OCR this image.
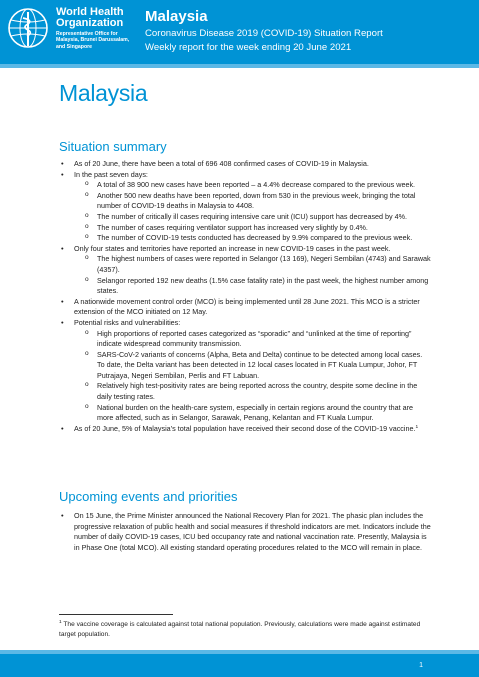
World Health Organization
Representative Office for Malaysia, Brunei Darussalam, and Singapore
Malaysia
Coronavirus Disease 2019 (COVID-19) Situation Report
Weekly report for the week ending 20 June 2021
Malaysia
Situation summary
• As of 20 June, there have been a total of 696 408 confirmed cases of COVID-19 in Malaysia.
• In the past seven days:
o A total of 38 900 new cases have been reported – a 4.4% decrease compared to the previous week.
o Another 500 new deaths have been reported, down from 530 in the previous week, bringing the total number of COVID-19 deaths in Malaysia to 4408.
o The number of critically ill cases requiring intensive care unit (ICU) support has decreased by 4%.
o The number of cases requiring ventilator support has increased very slightly by 0.4%.
o The number of COVID-19 tests conducted has decreased by 9.9% compared to the previous week.
• Only four states and territories have reported an increase in new COVID-19 cases in the past week.
o The highest numbers of cases were reported in Selangor (13 169), Negeri Sembilan (4743) and Sarawak (4357).
o Selangor reported 192 new deaths (1.5% case fatality rate) in the past week, the highest number among states.
• A nationwide movement control order (MCO) is being implemented until 28 June 2021. This MCO is a stricter extension of the MCO initiated on 12 May.
• Potential risks and vulnerabilities:
o High proportions of reported cases categorized as “sporadic” and “unlinked at the time of reporting” indicate widespread community transmission.
o SARS-CoV-2 variants of concerns (Alpha, Beta and Delta) continue to be detected among local cases. To date, the Delta variant has been detected in 12 local cases located in FT Kuala Lumpur, Johor, FT Putrajaya, Negeri Sembilan, Perlis and FT Labuan.
o Relatively high test-positivity rates are being reported across the country, despite some decline in the daily testing rates.
o National burden on the health-care system, especially in certain regions around the country that are more affected, such as in Selangor, Sarawak, Penang, Kelantan and FT Kuala Lumpur.
• As of 20 June, 5% of Malaysia’s total population have received their second dose of the COVID-19 vaccine.$^1$
Upcoming events and priorities
• On 15 June, the Prime Minister announced the National Recovery Plan for 2021. The phasic plan includes the progressive relaxation of public health and social measures if threshold indicators are met. Indicators include the number of daily COVID-19 cases, ICU bed occupancy rate and national vaccination rate. Presently, Malaysia is in Phase One (total MCO). All existing standard operating procedures related to the MCO will remain in place.
$^1$ The vaccine coverage is calculated against total national population. Previously, calculations were made against estimated target population.
1
